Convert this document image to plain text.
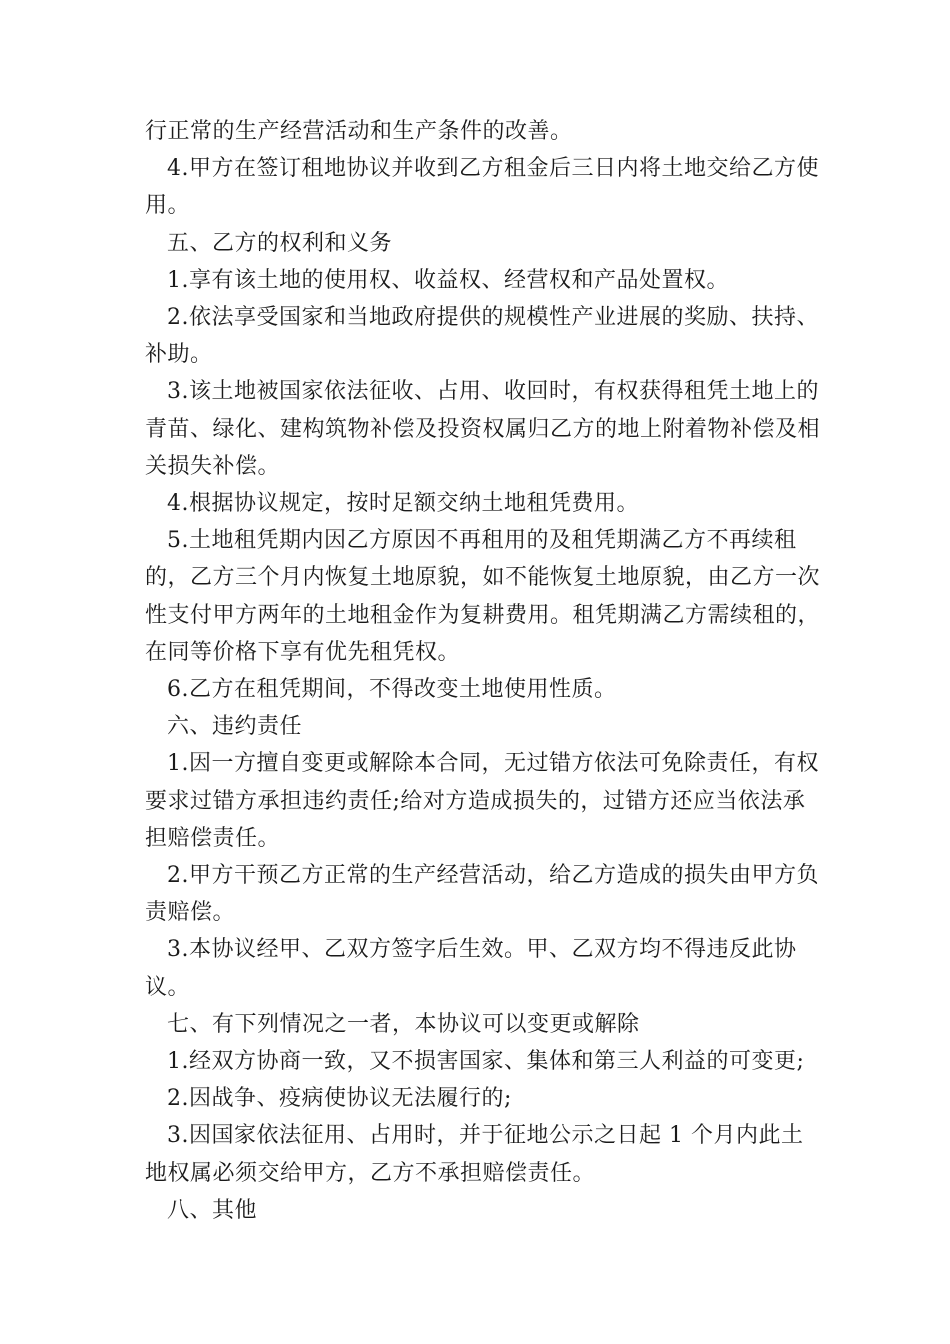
行正常的生产经营活动和生产条件的改善。

4.甲方在签订租地协议并收到乙方租金后三日内将土地交给乙方使用。

五、乙方的权利和义务

1.享有该土地的使用权、收益权、经营权和产品处置权。

2.依法享受国家和当地政府提供的规模性产业进展的奖励、扶持、补助。

3.该土地被国家依法征收、占用、收回时，有权获得租凭土地上的青苗、绿化、建构筑物补偿及投资权属归乙方的地上附着物补偿及相关损失补偿。

4.根据协议规定，按时足额交纳土地租凭费用。

5.土地租凭期内因乙方原因不再租用的及租凭期满乙方不再续租的，乙方三个月内恢复土地原貌，如不能恢复土地原貌，由乙方一次性支付甲方两年的土地租金作为复耕费用。租凭期满乙方需续租的，在同等价格下享有优先租凭权。

6.乙方在租凭期间，不得改变土地使用性质。

六、违约责任

1.因一方擅自变更或解除本合同，无过错方依法可免除责任，有权要求过错方承担违约责任;给对方造成损失的，过错方还应当依法承担赔偿责任。

2.甲方干预乙方正常的生产经营活动，给乙方造成的损失由甲方负责赔偿。

3.本协议经甲、乙双方签字后生效。甲、乙双方均不得违反此协议。

七、有下列情况之一者，本协议可以变更或解除

1.经双方协商一致，又不损害国家、集体和第三人利益的可变更;

2.因战争、疫病使协议无法履行的;

3.因国家依法征用、占用时，并于征地公示之日起 1 个月内此土地权属必须交给甲方，乙方不承担赔偿责任。

八、其他
